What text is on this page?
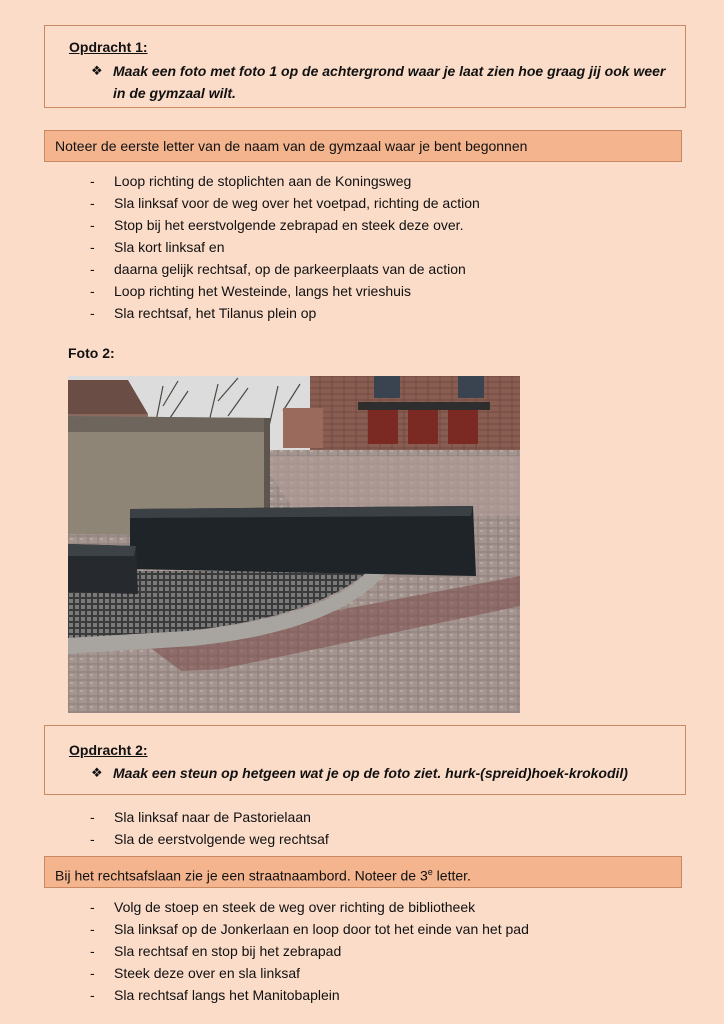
Opdracht 1:
❖ Maak een foto met foto 1 op de achtergrond waar je laat zien hoe graag jij ook weer in de gymzaal wilt.
Noteer de eerste letter van de naam van de gymzaal waar je bent begonnen
- Loop richting de stoplichten aan de Koningsweg
- Sla linksaf voor de weg over het voetpad, richting de action
- Stop bij het eerstvolgende zebrapad en steek deze over.
- Sla kort linksaf en
- daarna gelijk rechtsaf, op de parkeerplaats van de action
- Loop richting het Westeinde, langs het vrieshuis
- Sla rechtsaf, het Tilanus plein op
Foto 2:
Opdracht 2:
❖ Maak een steun op hetgeen wat je op de foto ziet. hurk-(spreid)hoek-krokodil)
- Sla linksaf naar de Pastorielaan
- Sla de eerstvolgende weg rechtsaf
Bij het rechtsafslaan zie je een straatnaambord. Noteer de 3e letter.
- Volg de stoep en steek de weg over richting de bibliotheek
- Sla linksaf op de Jonkerlaan en loop door tot het einde van het pad
- Sla rechtsaf en stop bij het zebrapad
- Steek deze over en sla linksaf
- Sla rechtsaf langs het Manitobaplein
